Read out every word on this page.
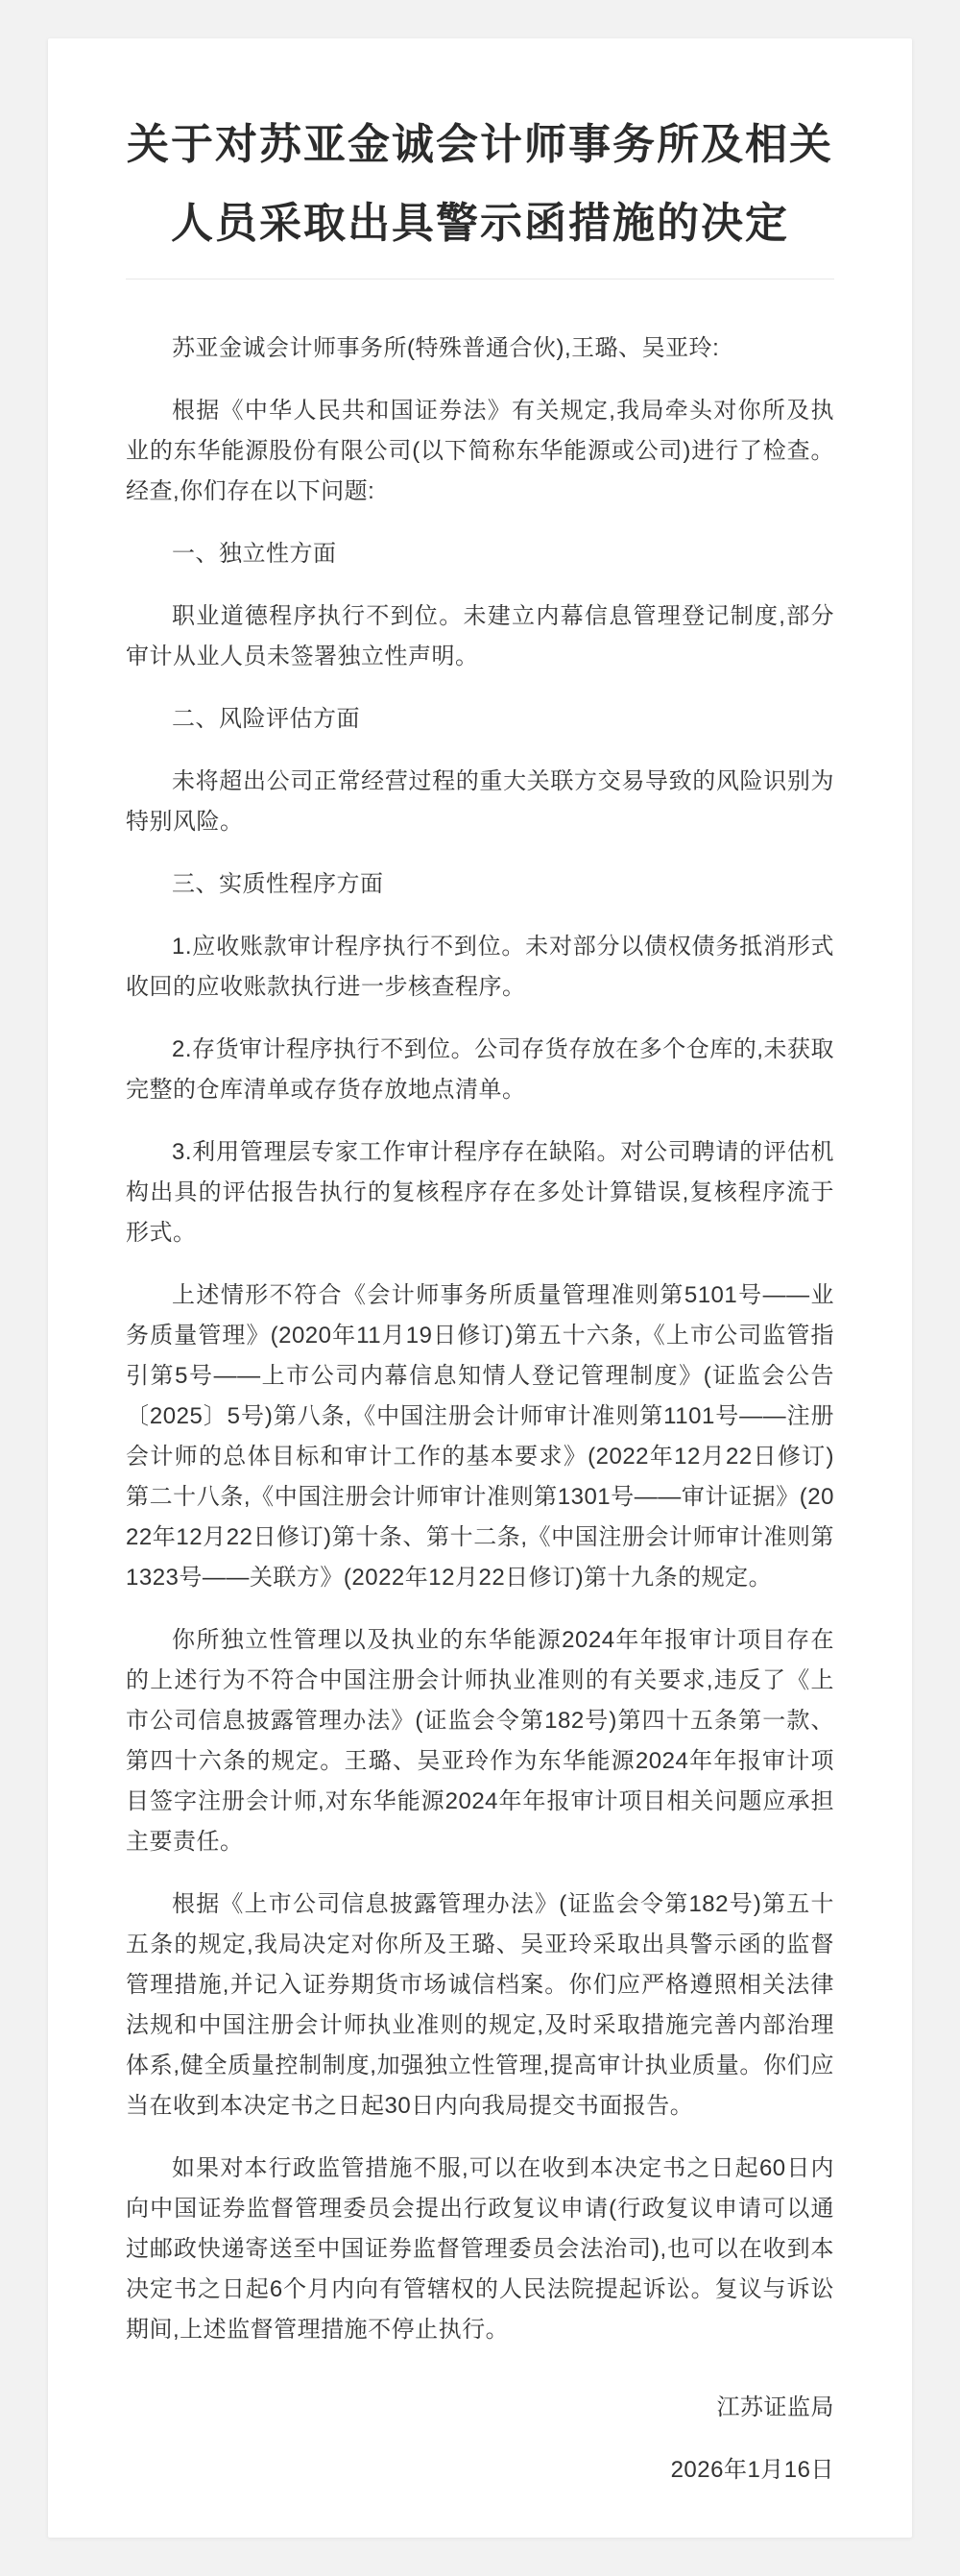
关于对苏亚金诚会计师事务所及相关人员采取出具警示函措施的决定

苏亚金诚会计师事务所(特殊普通合伙),王璐、吴亚玲:

根据《中华人民共和国证券法》有关规定,我局牵头对你所及执业的东华能源股份有限公司(以下简称东华能源或公司)进行了检查。经查,你们存在以下问题:

一、独立性方面

职业道德程序执行不到位。未建立内幕信息管理登记制度,部分审计从业人员未签署独立性声明。

二、风险评估方面

未将超出公司正常经营过程的重大关联方交易导致的风险识别为特别风险。

三、实质性程序方面

1.应收账款审计程序执行不到位。未对部分以债权债务抵消形式收回的应收账款执行进一步核查程序。

2.存货审计程序执行不到位。公司存货存放在多个仓库的,未获取完整的仓库清单或存货存放地点清单。

3.利用管理层专家工作审计程序存在缺陷。对公司聘请的评估机构出具的评估报告执行的复核程序存在多处计算错误,复核程序流于形式。

上述情形不符合《会计师事务所质量管理准则第5101号——业务质量管理》(2020年11月19日修订)第五十六条,《上市公司监管指引第5号——上市公司内幕信息知情人登记管理制度》(证监会公告〔2025〕5号)第八条,《中国注册会计师审计准则第1101号——注册会计师的总体目标和审计工作的基本要求》(2022年12月22日修订)第二十八条,《中国注册会计师审计准则第1301号——审计证据》(2022年12月22日修订)第十条、第十二条,《中国注册会计师审计准则第1323号——关联方》(2022年12月22日修订)第十九条的规定。

你所独立性管理以及执业的东华能源2024年年报审计项目存在的上述行为不符合中国注册会计师执业准则的有关要求,违反了《上市公司信息披露管理办法》(证监会令第182号)第四十五条第一款、第四十六条的规定。王璐、吴亚玲作为东华能源2024年年报审计项目签字注册会计师,对东华能源2024年年报审计项目相关问题应承担主要责任。

根据《上市公司信息披露管理办法》(证监会令第182号)第五十五条的规定,我局决定对你所及王璐、吴亚玲采取出具警示函的监督管理措施,并记入证券期货市场诚信档案。你们应严格遵照相关法律法规和中国注册会计师执业准则的规定,及时采取措施完善内部治理体系,健全质量控制制度,加强独立性管理,提高审计执业质量。你们应当在收到本决定书之日起30日内向我局提交书面报告。

如果对本行政监管措施不服,可以在收到本决定书之日起60日内向中国证券监督管理委员会提出行政复议申请(行政复议申请可以通过邮政快递寄送至中国证券监督管理委员会法治司),也可以在收到本决定书之日起6个月内向有管辖权的人民法院提起诉讼。复议与诉讼期间,上述监督管理措施不停止执行。

江苏证监局

2026年1月16日
